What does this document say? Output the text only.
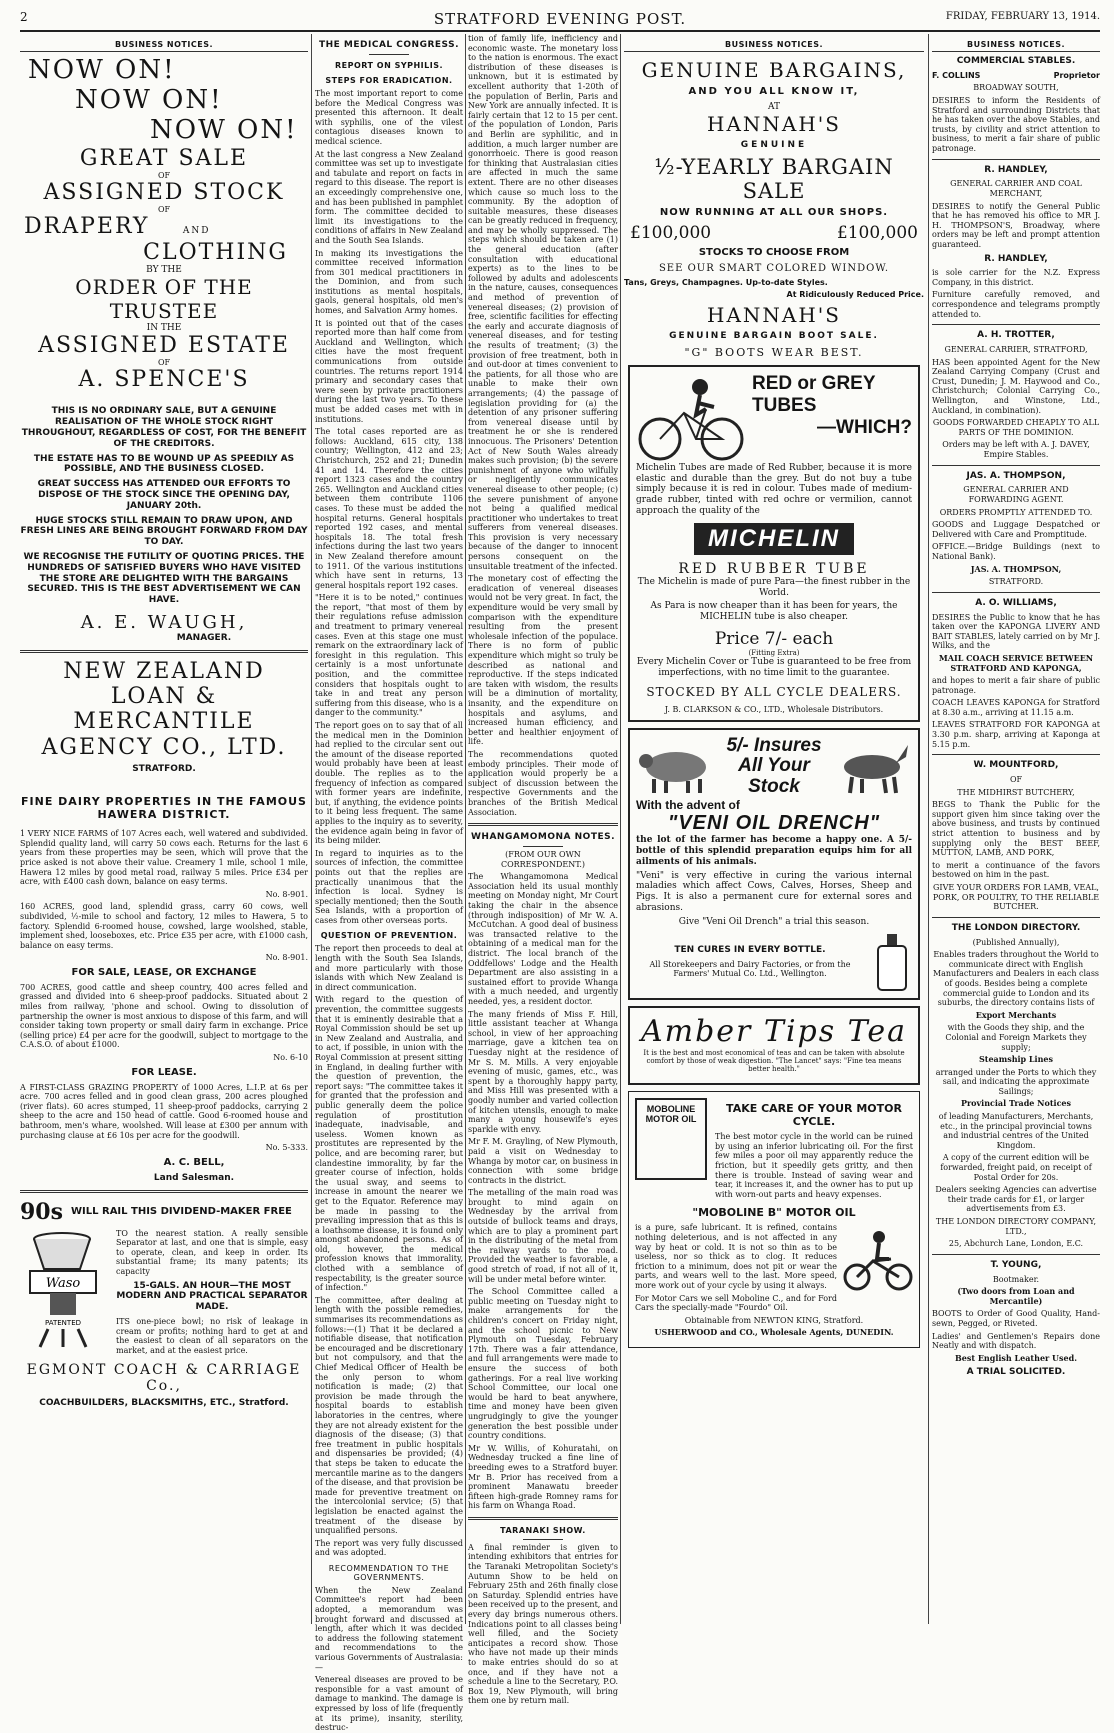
2	STRATFORD EVENING POST.	FRIDAY, FEBRUARY 13, 1914.
BUSINESS NOTICES.
NOW ON!
NOW ON!
NOW ON!
GREAT SALE
OF
ASSIGNED STOCK
OF
DRAPERY	AND
CLOTHING
BY THE
ORDER OF THE TRUSTEE
IN THE
ASSIGNED ESTATE
OF
A. SPENCE'S

THIS IS NO ORDINARY SALE, BUT A GENUINE REALISATION OF THE WHOLE STOCK RIGHT THROUGHOUT, REGARDLESS OF COST, FOR THE BENEFIT OF THE CREDITORS.

THE ESTATE HAS TO BE WOUND UP AS SPEEDILY AS POSSIBLE, AND THE BUSINESS CLOSED.

GREAT SUCCESS HAS ATTENDED OUR EFFORTS TO DISPOSE OF THE STOCK SINCE THE OPENING DAY, JANUARY 20th.

HUGE STOCKS STILL REMAIN TO DRAW UPON, AND FRESH LINES ARE BEING BROUGHT FORWARD FROM DAY TO DAY.

WE RECOGNISE THE FUTILITY OF QUOTING PRICES. THE HUNDREDS OF SATISFIED BUYERS WHO HAVE VISITED THE STORE ARE DELIGHTED WITH THE BARGAINS SECURED. THIS IS THE BEST ADVERTISEMENT WE CAN HAVE.

A. E. WAUGH,
MANAGER.
NEW ZEALAND
LOAN & MERCANTILE
AGENCY CO., LTD.
STRATFORD.
FINE DAIRY PROPERTIES IN THE FAMOUS HAWERA DISTRICT.

1 VERY NICE FARMS of 107 Acres each, well watered and subdivided. Splendid quality land, will carry 50 cows each. Returns for the last 6 years from these properties may be seen, which will prove that the price asked is not above their value. Creamery 1 mile, school 1 mile, Hawera 12 miles by good metal road, railway 5 miles. Price £34 per acre, with £400 cash down, balance on easy terms.

No. 8-901.

160 ACRES, good land, splendid grass, carry 60 cows, well subdivided, ½-mile to school and factory, 12 miles to Hawera, 5 to factory. Splendid 6-roomed house, cowshed, large woolshed, stable, implement shed, looseboxes, etc. Price £35 per acre, with £1000 cash, balance on easy terms.

No. 8-901.
FOR SALE, LEASE, OR EXCHANGE

700 ACRES, good cattle and sheep country, 400 acres felled and grassed and divided into 6 sheep-proof paddocks. Situated about 2 miles from railway, 'phone and school. Owing to dissolution of partnership the owner is most anxious to dispose of this farm, and will consider taking town property or small dairy farm in exchange. Price (selling price) £4 per acre for the goodwill, subject to mortgage to the C.A.S.O. of about £1000.

No. 6-10
FOR LEASE.

A FIRST-CLASS GRAZING PROPERTY of 1000 Acres, L.I.P. at 6s per acre. 700 acres felled and in good clean grass, 200 acres ploughed (river flats). 60 acres stumped, 11 sheep-proof paddocks, carrying 2 sheep to the acre and 150 head of cattle. Good 6-roomed house and bathroom, men's whare, woolshed. Will lease at £300 per annum with purchasing clause at £6 10s per acre for the goodwill.

No. 5-333.
A. C. BELL,
Land Salesman.
90s WILL RAIL THIS DIVIDEND-MAKER FREE
Waso
PATENTED

TO the nearest station. A really sensible Separator at last, and one that is simple, easy to operate, clean, and keep in order. Its substantial frame; its many patents; its capacity

15-GALS. AN HOUR—THE MOST MODERN AND PRACTICAL SEPARATOR MADE.

ITS one-piece bowl; no risk of leakage in cream or profits; nothing hard to get at and the easiest to clean of all separators on the market, and at the easiest price.

EGMONT COACH & CARRIAGE Co.,
COACHBUILDERS, BLACKSMITHS, ETC., Stratford.
THE MEDICAL CONGRESS.
REPORT ON SYPHILIS.
STEPS FOR ERADICATION.

The most important report to come before the Medical Congress was presented this afternoon. It dealt with syphilis, one of the vilest contagious diseases known to medical science.

At the last congress a New Zealand committee was set up to investigate and tabulate and report on facts in regard to this disease. The report is an exceedingly comprehensive one, and has been published in pamphlet form. The committee decided to limit its investigations to the conditions of affairs in New Zealand and the South Sea Islands.

In making its investigations the committee received information from 301 medical practitioners in the Dominion, and from such institutions as mental hospitals, gaols, general hospitals, old men's homes, and Salvation Army homes.

It is pointed out that of the cases reported more than half come from Auckland and Wellington, which cities have the most frequent communications from outside countries. The returns report 1914 primary and secondary cases that were seen by private practitioners during the last two years. To these must be added cases met with in institutions.

The total cases reported are as follows: Auckland, 615 city, 138 country; Wellington, 412 and 23; Christchurch, 252 and 21; Dunedin 41 and 14. Therefore the cities report 1323 cases and the country 265. Wellington and Auckland cities between them contribute 1106 cases. To these must be added the hospital returns. General hospitals reported 192 cases, and mental hospitals 18. The total fresh infections during the last two years in New Zealand therefore amount to 1911. Of the various institutions which have sent in returns, 13 general hospitals report 192 cases.

"Here it is to be noted," continues the report, "that most of them by their regulations refuse admission and treatment to primary venereal cases. Even at this stage one must remark on the extraordinary lack of foresight in this regulation. This certainly is a most unfortunate position, and the committee considers that hospitals ought to take in and treat any person suffering from this disease, who is a danger to the community."

The report goes on to say that of all the medical men in the Dominion had replied to the circular sent out the amount of the disease reported would probably have been at least double. The replies as to the frequency of infection as compared with former years are indefinite, but, if anything, the evidence points to it being less frequent. The same applies to the inquiry as to severity, the evidence again being in favor of its being milder.

In regard to inquiries as to the sources of infection, the committee points out that the replies are practically unanimous that the infection is local. Sydney is specially mentioned; then the South Sea Islands, with a proportion of cases from other overseas ports.

QUESTION OF PREVENTION.

The report then proceeds to deal at length with the South Sea Islands, and more particularly with those islands with which New Zealand is in direct communication.

With regard to the question of prevention, the committee suggests that it is eminently desirable that a Royal Commission should be set up in New Zealand and Australia, and to act, if possible, in union with the Royal Commission at present sitting in England, in dealing further with the question of prevention, the report says: "The committee takes it for granted that the profession and public generally deem the police regulation of prostitution inadequate, inadvisable, and useless. Women known as prostitutes are represented by the police, and are becoming rarer, but clandestine immorality, by far the greater course of infection, holds the usual sway, and seems to increase in amount the nearer we get to the Equator. Reference may be made in passing to the prevailing impression that as this is a loathsome disease, it is found only amongst abandoned persons. As of old, however, the medical profession knows that immorality, clothed with a semblance of respectability, is the greater source of infection."

The committee, after dealing at length with the possible remedies, summarises its recommendations as follows:—(1) That it be declared a notifiable disease, that notification be encouraged and be discretionary but not compulsory, and that the Chief Medical Officer of Health be the only person to whom notification is made; (2) that provision be made through the hospital boards to establish laboratories in the centres, where they are not already existent for the diagnosis of the disease; (3) that free treatment in public hospitals and dispensaries be provided; (4) that steps be taken to educate the mercantile marine as to the dangers of the disease, and that provision be made for preventive treatment on the intercolonial service; (5) that legislation be enacted against the treatment of the disease by unqualified persons.

The report was very fully discussed and was adopted.

RECOMMENDATION TO THE GOVERNMENTS.

When the New Zealand Committee's report had been adopted, a memorandum was brought forward and discussed at length, after which it was decided to address the following statement and recommendations to the various Governments of Australasia:—

Venereal diseases are proved to be responsible for a vast amount of damage to mankind. The damage is expressed by loss of life (frequently at its prime), insanity, sterility, destruc-

tion of family life, inefficiency and economic waste. The monetary loss to the nation is enormous. The exact distribution of these diseases is unknown, but it is estimated by excellent authority that 1-20th of the population of Berlin, Paris and New York are annually infected. It is fairly certain that 12 to 15 per cent. of the population of London, Paris and Berlin are syphilitic, and in addition, a much larger number are gonorrhoeic. There is good reason for thinking that Australasian cities are affected in much the same extent. There are no other diseases which cause so much loss to the community. By the adoption of suitable measures, these diseases can be greatly reduced in frequency, and may be wholly suppressed. The steps which should be taken are (1) the general education (after consultation with educational experts) as to the lines to be followed by adults and adolescents in the nature, causes, consequences and method of prevention of venereal diseases; (2) provision of free, scientific facilities for effecting the early and accurate diagnosis of venereal diseases, and for testing the results of treatment; (3) the provision of free treatment, both in and out-door at times convenient to the patients, for all those who are unable to make their own arrangements; (4) the passage of legislation providing for (a) the detention of any prisoner suffering from venereal disease until by treatment he or she is rendered innocuous. The Prisoners' Detention Act of New South Wales already makes such provision; (b) the severe punishment of anyone who wilfully or negligently communicates venereal disease to other people; (c) the severe punishment of anyone not being a qualified medical practitioner who undertakes to treat sufferers from venereal diseases. This provision is very necessary because of the danger to innocent persons consequent on the unsuitable treatment of the infected.

The monetary cost of effecting the eradication of venereal diseases would not be very great. In fact, the expenditure would be very small by comparison with the expenditure resulting from the present wholesale infection of the populace. There is no form of public expenditure which might so truly be described as national and reproductive. If the steps indicated are taken with wisdom, the results will be a diminution of mortality, insanity, and the expenditure on hospitals and asylums, and increased human efficiency, and better and healthier enjoyment of life.

The recommendations quoted embody principles. Their mode of application would properly be a subject of discussion between the respective Governments and the branches of the British Medical Association.

WHANGAMOMONA NOTES.
(FROM OUR OWN CORRESPONDENT.)

The Whangamomona Medical Association held its usual monthly meeting on Monday night, Mr Court taking the chair in the absence (through indisposition) of Mr W. A. McCutchan. A good deal of business was transacted relative to the obtaining of a medical man for the district. The local branch of the Oddfellows' Lodge and the Health Department are also assisting in a sustained effort to provide Whanga with a much needed, and urgently needed, yes, a resident doctor.

The many friends of Miss F. Hill, little assistant teacher at Whanga school, in view of her approaching marriage, gave a kitchen tea on Tuesday night at the residence of Mr S. M. Mills. A very enjoyable evening of music, games, etc., was spent by a thoroughly happy party, and Miss Hill was presented with a goodly number and varied collection of kitchen utensils, enough to make many a young housewife's eyes sparkle with envy.

Mr F. M. Grayling, of New Plymouth, paid a visit on Wednesday to Whanga by motor car, on business in connection with some bridge contracts in the district.

The metalling of the main road was brought to mind again on Wednesday by the arrival from outside of bullock teams and drays, which are to play a prominent part in the distributing of the metal from the railway yards to the road. Provided the weather is favorable, a good stretch of road, if not all of it, will be under metal before winter.

The School Committee called a public meeting on Tuesday night to make arrangements for the children's concert on Friday night, and the school picnic to New Plymouth on Tuesday, February 17th. There was a fair attendance, and full arrangements were made to ensure the success of both gatherings. For a real live working School Committee, our local one would be hard to beat anywhere, time and money have been given ungrudgingly to give the younger generation the best possible under country conditions.

Mr W. Willis, of Kohuratahi, on Wednesday trucked a fine line of breeding ewes to a Stratford buyer. Mr B. Prior has received from a prominent Manawatu breeder fifteen high-grade Romney rams for his farm on Whanga Road.

TARANAKI SHOW.

A final reminder is given to intending exhibitors that entries for the Taranaki Metropolitan Society's Autumn Show to be held on February 25th and 26th finally close on Saturday. Splendid entries have been received up to the present, and every day brings numerous others. Indications point to all classes being well filled, and the Society anticipates a record show. Those who have not made up their minds to make entries should do so at once, and if they have not a schedule a line to the Secretary, P.O. Box 19, New Plymouth, will bring them one by return mail.

BUSINESS NOTICES.
GENUINE BARGAINS,
AND YOU ALL KNOW IT,
AT
HANNAH'S
GENUINE
½-YEARLY BARGAIN SALE
NOW RUNNING AT ALL OUR SHOPS.
£100,000	£100,000
STOCKS TO CHOOSE FROM
SEE OUR SMART COLORED WINDOW.
Tans, Greys, Champagnes. Up-to-date Styles.
At Ridiculously Reduced Price.
HANNAH'S
GENUINE BARGAIN BOOT SALE.
"G" BOOTS WEAR BEST.
RED or GREY TUBES
—WHICH?

Michelin Tubes are made of Red Rubber, because it is more elastic and durable than the grey. But do not buy a tube simply because it is red in colour. Tubes made of medium-grade rubber, tinted with red ochre or vermilion, cannot approach the quality of the

MICHELIN
RED RUBBER TUBE

The Michelin is made of pure Para—the finest rubber in the World.

As Para is now cheaper than it has been for years, the MICHELIN tube is also cheaper.

Price 7/- each
(Fitting Extra)

Every Michelin Cover or Tube is guaranteed to be free from imperfections, with no time limit to the guarantee.

STOCKED BY ALL CYCLE DEALERS.
J. B. CLARKSON & CO., LTD., Wholesale Distributors.
5/- Insures All Your Stock
With the advent of
"VENI OIL DRENCH"

the lot of the farmer has become a happy one. A 5/- bottle of this splendid preparation equips him for all ailments of his animals.

"Veni" is very effective in curing the various internal maladies which affect Cows, Calves, Horses, Sheep and Pigs. It is also a permanent cure for external sores and abrasions.

Give "Veni Oil Drench" a trial this season.
TEN CURES IN EVERY BOTTLE.
All Storekeepers and Dairy Factories, or from the Farmers' Mutual Co. Ltd., Wellington.
Amber Tips Tea

It is the best and most economical of teas and can be taken with absolute comfort by those of weak digestion. "The Lancet" says: "Fine tea means better health."

MOBOLINE MOTOR OIL
TAKE CARE OF YOUR MOTOR CYCLE.

The best motor cycle in the world can be ruined by using an inferior lubricating oil. For the first few miles a poor oil may apparently reduce the friction, but it speedily gets gritty, and then there is trouble. Instead of saving wear and tear, it increases it, and the owner has to put up with worn-out parts and heavy expenses.

"MOBOLINE B" MOTOR OIL

is a pure, safe lubricant. It is refined, contains nothing deleterious, and is not affected in any way by heat or cold. It is not so thin as to be useless, nor so thick as to clog. It reduces friction to a minimum, does not pit or wear the parts, and wears well to the last. More speed, more work out of your cycle by using it always.

For Motor Cars we sell Moboline C., and for Ford Cars the specially-made "Fourdo" Oil.

Obtainable from NEWTON KING, Stratford.
USHERWOOD and CO., Wholesale Agents, DUNEDIN.
BUSINESS NOTICES.
COMMERCIAL STABLES.
F. COLLINS	Proprietor
BROADWAY SOUTH,

DESIRES to inform the Residents of Stratford and surrounding Districts that he has taken over the above Stables, and trusts, by civility and strict attention to business, to merit a fair share of public patronage.

R. HANDLEY,
GENERAL CARRIER AND COAL MERCHANT,

DESIRES to notify the General Public that he has removed his office to MR J. H. THOMPSON'S, Broadway, where orders may be left and prompt attention guaranteed.

R. HANDLEY,

is sole carrier for the N.Z. Express Company, in this district.

Furniture carefully removed, and correspondence and telegrams promptly attended to.

A. H. TROTTER,
GENERAL CARRIER, STRATFORD,

HAS been appointed Agent for the New Zealand Carrying Company (Crust and Crust, Dunedin; J. M. Haywood and Co., Christchurch; Colonial Carrying Co., Wellington, and Winstone, Ltd., Auckland, in combination).

GOODS FORWARDED CHEAPLY TO ALL PARTS OF THE DOMINION.

Orders may be left with A. J. DAVEY, Empire Stables.

JAS. A. THOMPSON,
GENERAL CARRIER AND FORWARDING AGENT.

ORDERS PROMPTLY ATTENDED TO.

GOODS and Luggage Despatched or Delivered with Care and Promptitude.

OFFICE.—Bridge Buildings (next to National Bank).

JAS. A. THOMPSON,

STRATFORD.

A. O. WILLIAMS,

DESIRES the Public to know that he has taken over the KAPONGA LIVERY AND BAIT STABLES, lately carried on by Mr J. Wilks, and the

MAIL COACH SERVICE BETWEEN STRATFORD AND KAPONGA,

and hopes to merit a fair share of public patronage.

COACH LEAVES KAPONGA for Stratford at 8.30 a.m., arriving at 11.15 a.m.

LEAVES STRATFORD FOR KAPONGA at 3.30 p.m. sharp, arriving at Kaponga at 5.15 p.m.

W. MOUNTFORD,
OF
THE MIDHIRST BUTCHERY,

BEGS to Thank the Public for the support given him since taking over the above business, and trusts by continued strict attention to business and by supplying only the BEST BEEF, MUTTON, LAMB, AND PORK,

to merit a continuance of the favors bestowed on him in the past.

GIVE YOUR ORDERS FOR LAMB, VEAL, PORK, OR POULTRY, TO THE RELIABLE BUTCHER.

THE LONDON DIRECTORY.
(Published Annually),

Enables traders throughout the World to communicate direct with English Manufacturers and Dealers in each class of goods. Besides being a complete commercial guide to London and its suburbs, the directory contains lists of

Export Merchants

with the Goods they ship, and the Colonial and Foreign Markets they supply;

Steamship Lines

arranged under the Ports to which they sail, and indicating the approximate Sailings;

Provincial Trade Notices

of leading Manufacturers, Merchants, etc., in the principal provincial towns and industrial centres of the United Kingdom.

A copy of the current edition will be forwarded, freight paid, on receipt of Postal Order for 20s.

Dealers seeking Agencies can advertise their trade cards for £1, or larger advertisements from £3.

THE LONDON DIRECTORY COMPANY, LTD.,

25, Abchurch Lane, London, E.C.

T. YOUNG,
Bootmaker.
(Two doors from Loan and Mercantile)

BOOTS to Order of Good Quality, Hand-sewn, Pegged, or Riveted.

Ladies' and Gentlemen's Repairs done Neatly and with dispatch.

Best English Leather Used.

A TRIAL SOLICITED.
